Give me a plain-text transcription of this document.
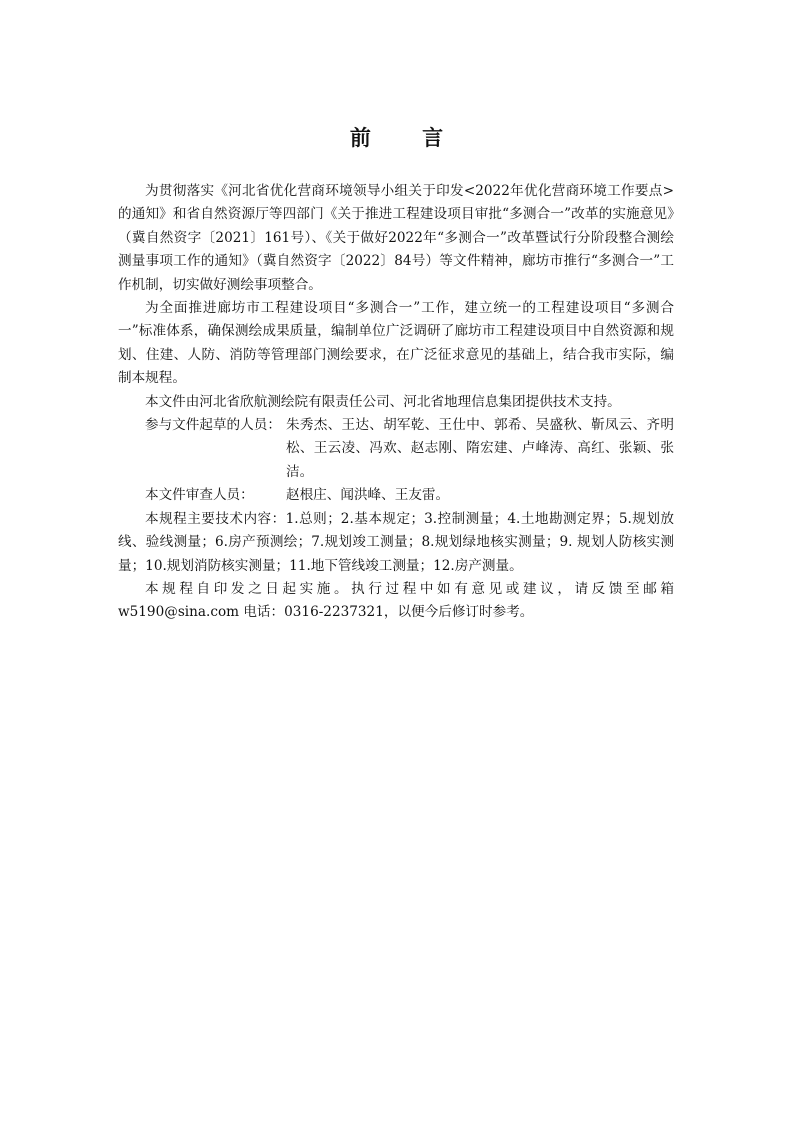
前 言

为贯彻落实《河北省优化营商环境领导小组关于印发<2022年优化营商环境工作要点>的通知》和省自然资源厅等四部门《关于推进工程建设项目审批“多测合一”改革的实施意见》（冀自然资字〔2021〕161号）、《关于做好2022年“多测合一”改革暨试行分阶段整合测绘测量事项工作的通知》（冀自然资字〔2022〕84号）等文件精神，廊坊市推行“多测合一”工作机制，切实做好测绘事项整合。

为全面推进廊坊市工程建设项目“多测合一”工作，建立统一的工程建设项目“多测合一”标准体系，确保测绘成果质量，编制单位广泛调研了廊坊市工程建设项目中自然资源和规划、住建、人防、消防等管理部门测绘要求，在广泛征求意见的基础上，结合我市实际，编制本规程。

本文件由河北省欣航测绘院有限责任公司、河北省地理信息集团提供技术支持。

参与文件起草的人员： 朱秀杰、王达、胡军乾、王仕中、郭希、吴盛秋、靳凤云、齐明松、王云凌、冯欢、赵志刚、隋宏建、卢峰涛、高红、张颖、张洁。
本文件审查人员：	赵根庄、闻洪峰、王友雷。

本规程主要技术内容：1.总则；2.基本规定；3.控制测量；4.土地勘测定界；5.规划放线、验线测量；6.房产预测绘；7.规划竣工测量；8.规划绿地核实测量；9. 规划人防核实测量；10.规划消防核实测量；11.地下管线竣工测量；12.房产测量。

本规程自印发之日起实施。执行过程中如有意见或建议，请反馈至邮箱 w5190@sina.com 电话：0316-2237321，以便今后修订时参考。
